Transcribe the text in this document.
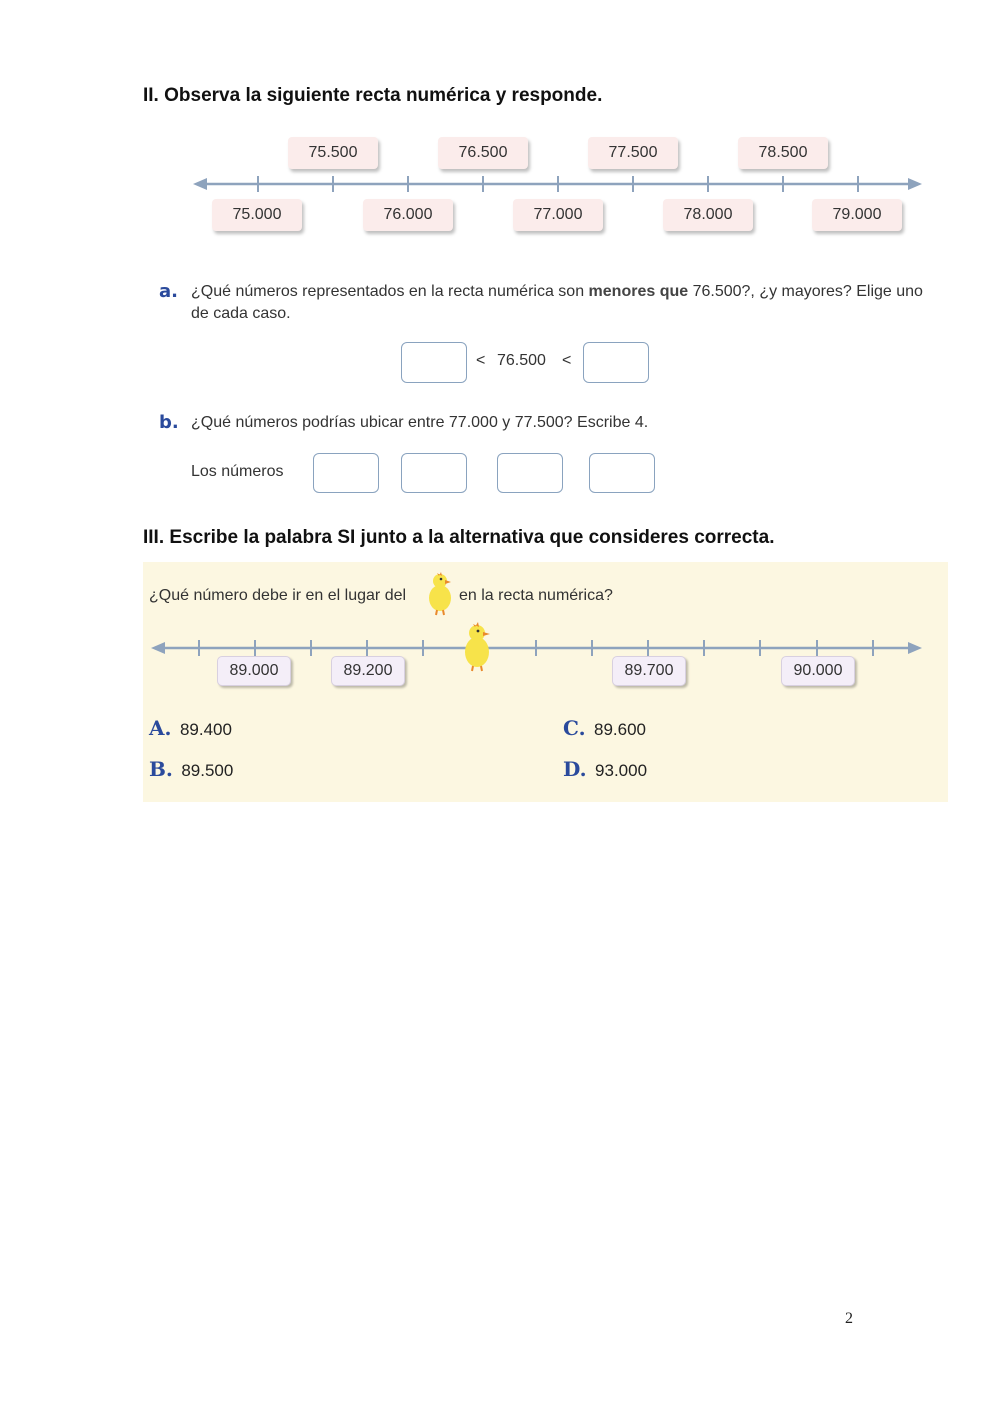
II. Observa la siguiente recta numérica y responde.
75.500	76.500	77.500	78.500
75.000	76.000	77.000	78.000	79.000
a. ¿Qué números representados en la recta numérica son menores que 76.500?, ¿y mayores? Elige uno de cada caso.
< 76.500 <
b. ¿Qué números podrías ubicar entre 77.000 y 77.500? Escribe 4.
Los números
III. Escribe la palabra SI junto a la alternativa que consideres correcta.
¿Qué número debe ir en el lugar del	en la recta numérica?
89.000	89.200	89.700	90.000
A. 89.400
B. 89.500
C. 89.600
D. 93.000
2
